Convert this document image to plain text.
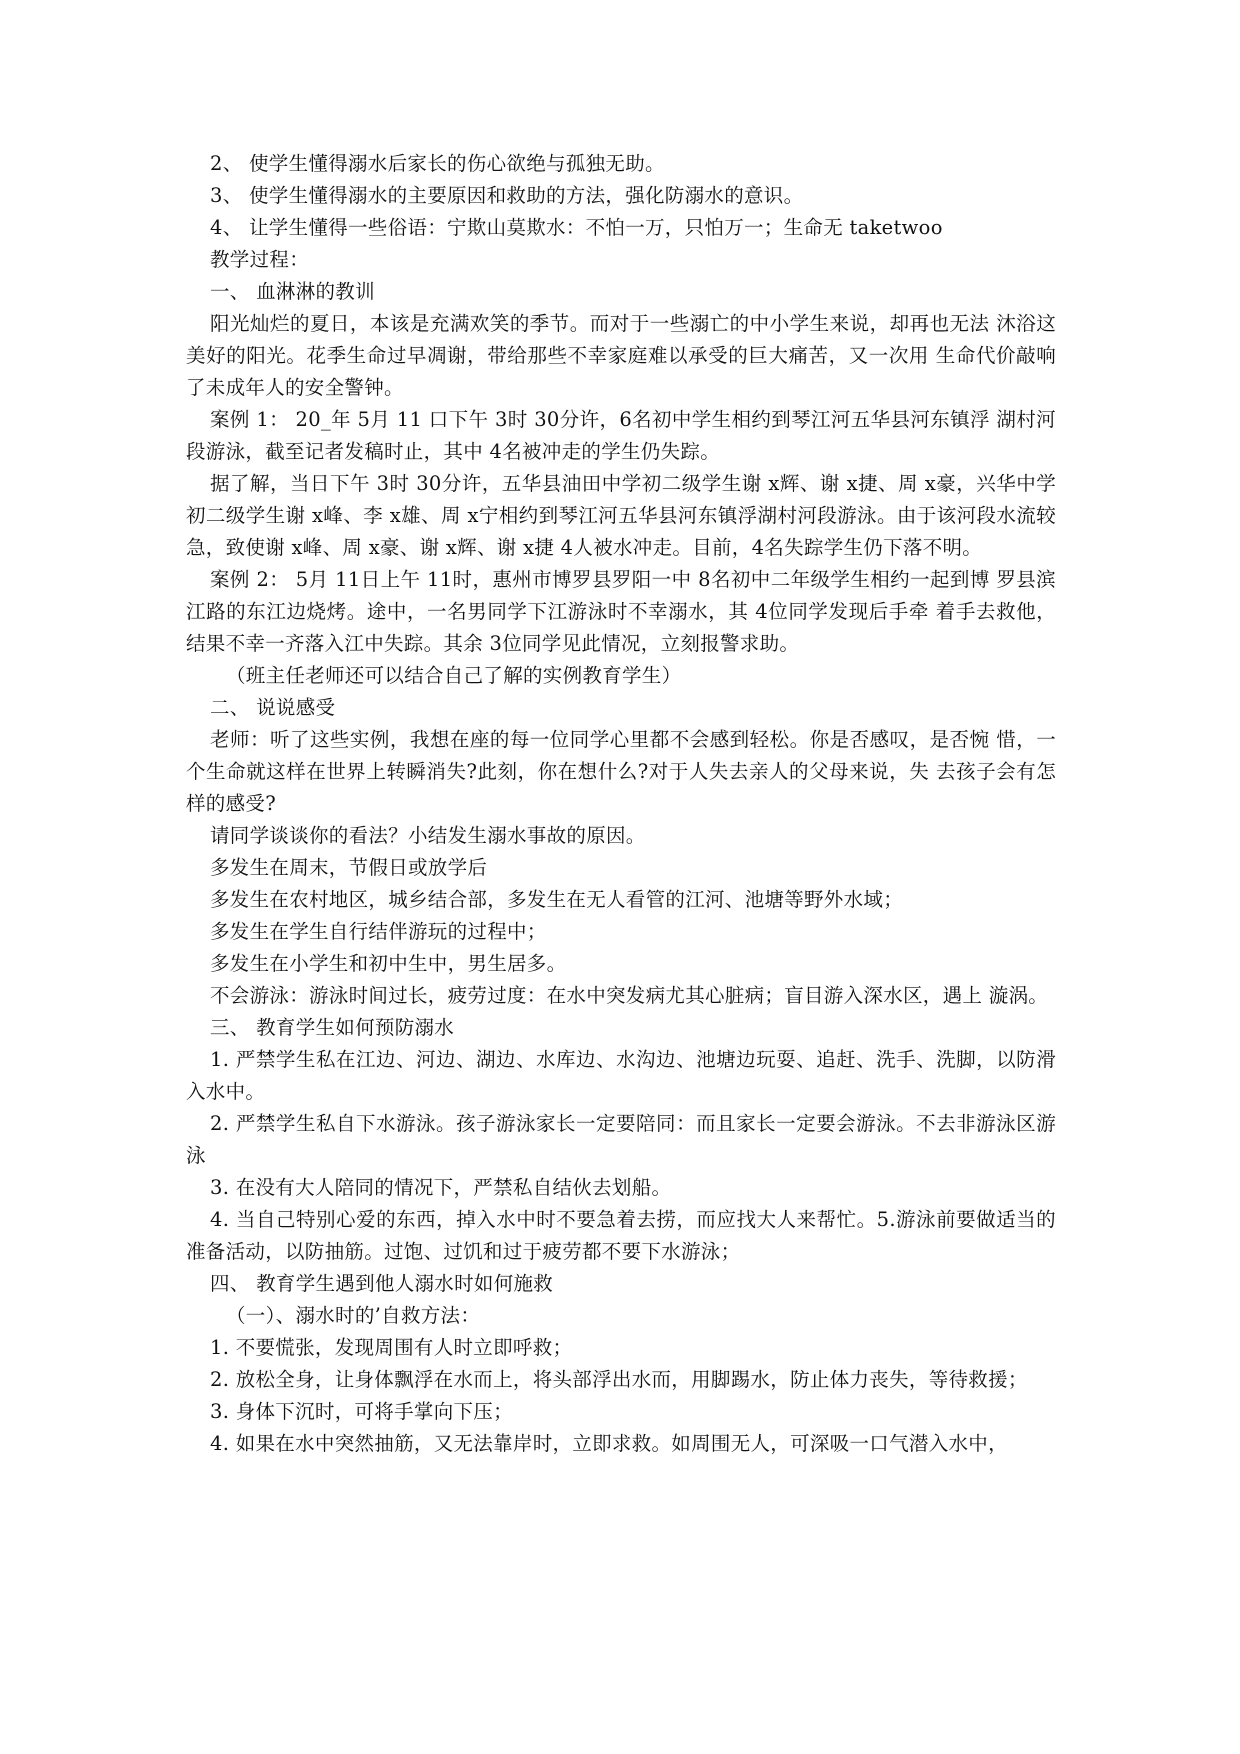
2、 使学生懂得溺水后家长的伤心欲绝与孤独无助。

3、 使学生懂得溺水的主要原因和救助的方法，强化防溺水的意识。

4、 让学生懂得一些俗语：宁欺山莫欺水：不怕一万，只怕万一；生命无 taketwoo

教学过程：

一、 血淋淋的教训

阳光灿烂的夏日，本该是充满欢笑的季节。而对于一些溺亡的中小学生来说，却再也无法 沐浴这美好的阳光。花季生命过早凋谢，带给那些不幸家庭难以承受的巨大痛苦，又一次用 生命代价敲响了未成年人的安全警钟。

案例 1： 20_年 5月 11 口下午 3时 30分许，6名初中学生相约到琴江河五华县河东镇浮 湖村河段游泳，截至记者发稿时止，其中 4名被冲走的学生仍失踪。

据了解，当日下午 3时 30分许，五华县油田中学初二级学生谢 x辉、谢 x捷、周 x豪，兴华中学初二级学生谢 x峰、李 x雄、周 x宁相约到琴江河五华县河东镇浮湖村河段游泳。由于该河段水流较急，致使谢 x峰、周 x豪、谢 x辉、谢 x捷 4人被水冲走。目前，4名失踪学生仍下落不明。

案例 2： 5月 11日上午 11时，惠州市博罗县罗阳一中 8名初中二年级学生相约一起到博 罗县滨江路的东江边烧烤。途中，一名男同学下江游泳时不幸溺水，其 4位同学发现后手牵 着手去救他，结果不幸一齐落入江中失踪。其余 3位同学见此情况，立刻报警求助。

（班主任老师还可以结合自己了解的实例教育学生）

二、 说说感受

老师：听了这些实例，我想在座的每一位同学心里都不会感到轻松。你是否感叹，是否惋 惜，一个生命就这样在世界上转瞬消失?此刻，你在想什么?对于人失去亲人的父母来说，失 去孩子会有怎样的感受?

请同学谈谈你的看法？小结发生溺水事故的原因。

多发生在周末，节假日或放学后

多发生在农村地区，城乡结合部，多发生在无人看管的江河、池塘等野外水域；

多发生在学生自行结伴游玩的过程中；

多发生在小学生和初中生中，男生居多。

不会游泳：游泳时间过长，疲劳过度：在水中突发病尤其心脏病；盲目游入深水区，遇上 漩涡。

三、 教育学生如何预防溺水

1. 严禁学生私在江边、河边、湖边、水库边、水沟边、池塘边玩耍、追赶、洗手、洗脚，以防滑入水中。

2. 严禁学生私自下水游泳。孩子游泳家长一定要陪同：而且家长一定要会游泳。不去非游泳区游泳

3. 在没有大人陪同的情况下，严禁私自结伙去划船。

4. 当自己特别心爱的东西，掉入水中时不要急着去捞，而应找大人来帮忙。5.游泳前要做适当的准备活动，以防抽筋。过饱、过饥和过于疲劳都不要下水游泳；

四、 教育学生遇到他人溺水时如何施救

（一）、溺水时的’自救方法：

1. 不要慌张，发现周围有人时立即呼救；

2. 放松全身，让身体飘浮在水而上，将头部浮出水而，用脚踢水，防止体力丧失，等待救援；

3. 身体下沉时，可将手掌向下压；

4. 如果在水中突然抽筋，又无法靠岸时，立即求救。如周围无人，可深吸一口气潜入水中，
